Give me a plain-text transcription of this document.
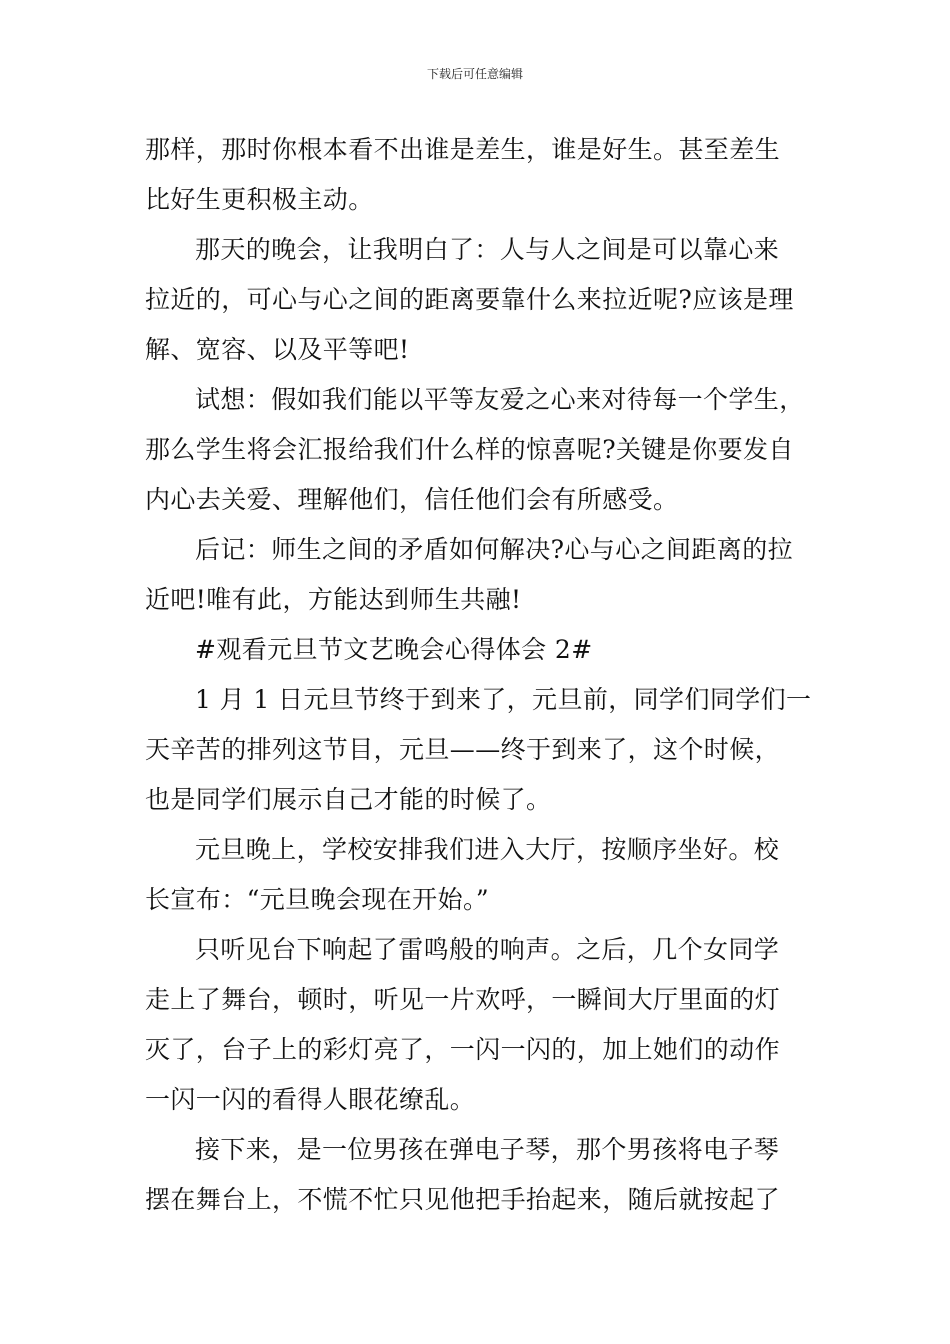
下载后可任意编辑
那样，那时你根本看不出谁是差生，谁是好生。甚至差生
比好生更积极主动。
那天的晚会，让我明白了：人与人之间是可以靠心来
拉近的，可心与心之间的距离要靠什么来拉近呢?应该是理
解、宽容、以及平等吧!
试想：假如我们能以平等友爱之心来对待每一个学生，
那么学生将会汇报给我们什么样的惊喜呢?关键是你要发自
内心去关爱、理解他们，信任他们会有所感受。
后记：师生之间的矛盾如何解决?心与心之间距离的拉
近吧!唯有此，方能达到师生共融!
#观看元旦节文艺晚会心得体会 2#
1 月 1 日元旦节终于到来了，元旦前，同学们同学们一
天辛苦的排列这节目，元旦——终于到来了，这个时候，
也是同学们展示自己才能的时候了。
元旦晚上，学校安排我们进入大厅，按顺序坐好。校
长宣布：“元旦晚会现在开始。”
只听见台下响起了雷鸣般的响声。之后，几个女同学
走上了舞台，顿时，听见一片欢呼，一瞬间大厅里面的灯
灭了，台子上的彩灯亮了，一闪一闪的，加上她们的动作
一闪一闪的看得人眼花缭乱。
接下来，是一位男孩在弹电子琴，那个男孩将电子琴
摆在舞台上，不慌不忙只见他把手抬起来，随后就按起了
